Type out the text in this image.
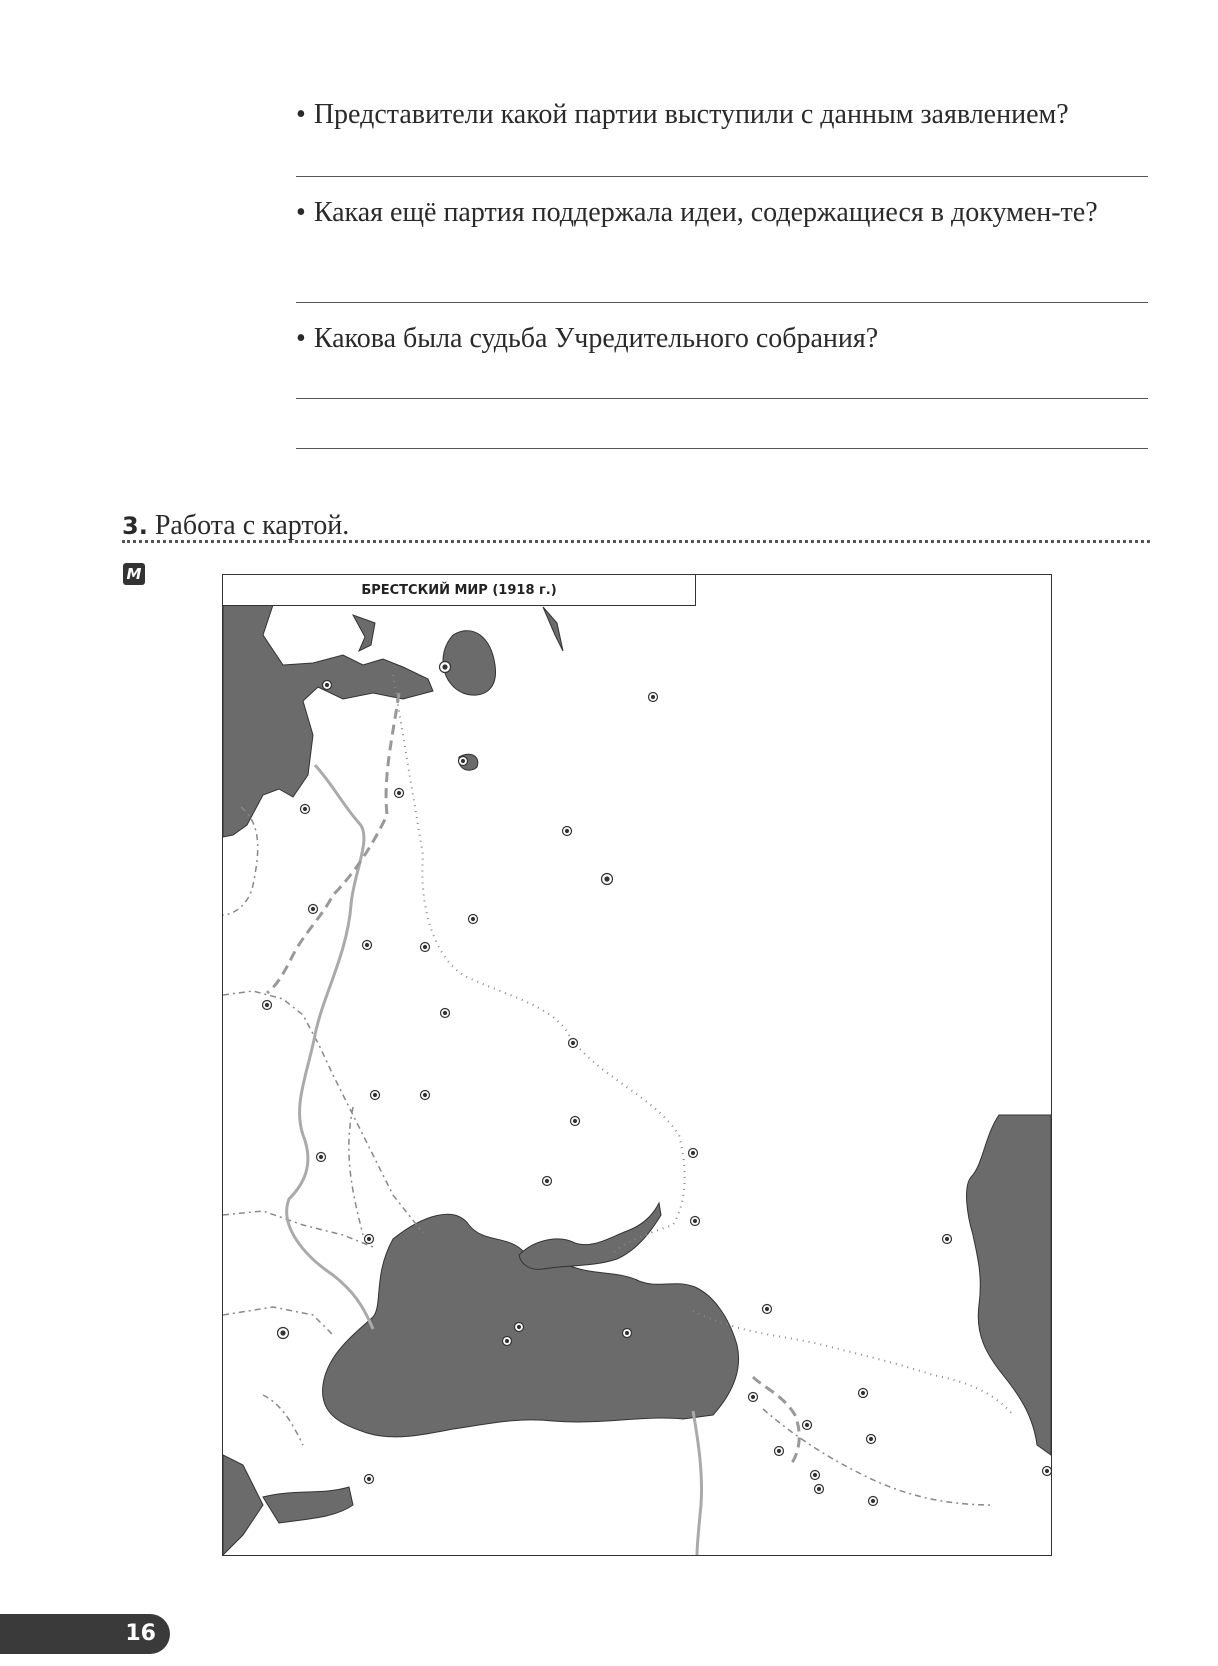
• Представители какой партии выступили с данным заявлением?
• Какая ещё партия поддержала идеи, содержащиеся в докумен-те?
• Какова была судьба Учредительного собрания?
3. Работа с картой.
M
БРЕСТСКИЙ МИР (1918 г.)
16
